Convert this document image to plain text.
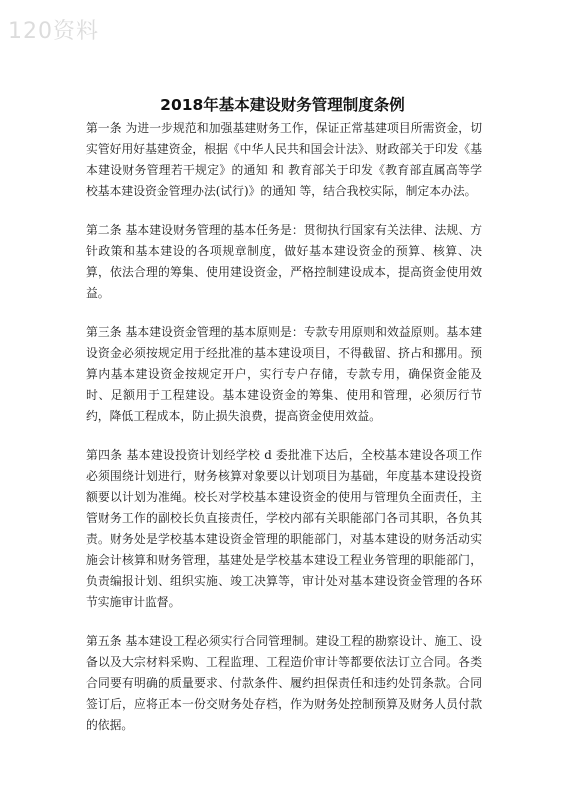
120资料
2018年基本建设财务管理制度条例

第一条 为进一步规范和加强基建财务工作，保证正常基建项目所需资金，切实管好用好基建资金，根据《中华人民共和国会计法》、财政部关于印发《基本建设财务管理若干规定》的通知 和 教育部关于印发《教育部直属高等学校基本建设资金管理办法(试行)》的通知 等，结合我校实际，制定本办法。

第二条 基本建设财务管理的基本任务是：贯彻执行国家有关法律、法规、方针政策和基本建设的各项规章制度，做好基本建设资金的预算、核算、决算，依法合理的筹集、使用建设资金，严格控制建设成本，提高资金使用效益。

第三条 基本建设资金管理的基本原则是：专款专用原则和效益原则。基本建设资金必须按规定用于经批准的基本建设项目，不得截留、挤占和挪用。预算内基本建设资金按规定开户，实行专户存储，专款专用，确保资金能及时、足额用于工程建设。基本建设资金的筹集、使用和管理，必须厉行节约，降低工程成本，防止损失浪费，提高资金使用效益。

第四条 基本建设投资计划经学校 d 委批准下达后，全校基本建设各项工作必须围绕计划进行，财务核算对象要以计划项目为基础，年度基本建设投资额要以计划为准绳。校长对学校基本建设资金的使用与管理负全面责任，主管财务工作的副校长负直接责任，学校内部有关职能部门各司其职，各负其责。财务处是学校基本建设资金管理的职能部门，对基本建设的财务活动实施会计核算和财务管理，基建处是学校基本建设工程业务管理的职能部门，负责编报计划、组织实施、竣工决算等，审计处对基本建设资金管理的各环节实施审计监督。

第五条 基本建设工程必须实行合同管理制。建设工程的勘察设计、施工、设备以及大宗材料采购、工程监理、工程造价审计等都要依法订立合同。各类合同要有明确的质量要求、付款条件、履约担保责任和违约处罚条款。合同签订后，应将正本一份交财务处存档，作为财务处控制预算及财务人员付款的依据。
